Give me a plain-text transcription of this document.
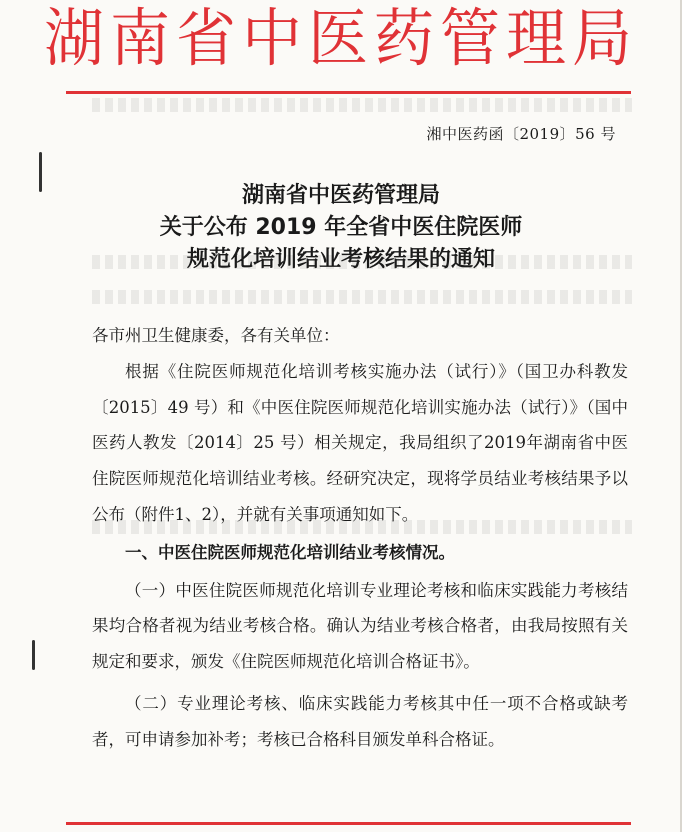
湖南省中医药管理局
湘中医药函〔2019〕56 号
湖南省中医药管理局
关于公布 2019 年全省中医住院医师
规范化培训结业考核结果的通知

各市州卫生健康委，各有关单位：

根据《住院医师规范化培训考核实施办法（试行）》（国卫办科教发〔2015〕49 号）和《中医住院医师规范化培训实施办法（试行）》（国中医药人教发〔2014〕25 号）相关规定，我局组织了2019年湖南省中医住院医师规范化培训结业考核。经研究决定，现将学员结业考核结果予以公布（附件1、2），并就有关事项通知如下。

一、中医住院医师规范化培训结业考核情况。

（一）中医住院医师规范化培训专业理论考核和临床实践能力考核结果均合格者视为结业考核合格。确认为结业考核合格者，由我局按照有关规定和要求，颁发《住院医师规范化培训合格证书》。

（二）专业理论考核、临床实践能力考核其中任一项不合格或缺考者，可申请参加补考；考核已合格科目颁发单科合格证。
